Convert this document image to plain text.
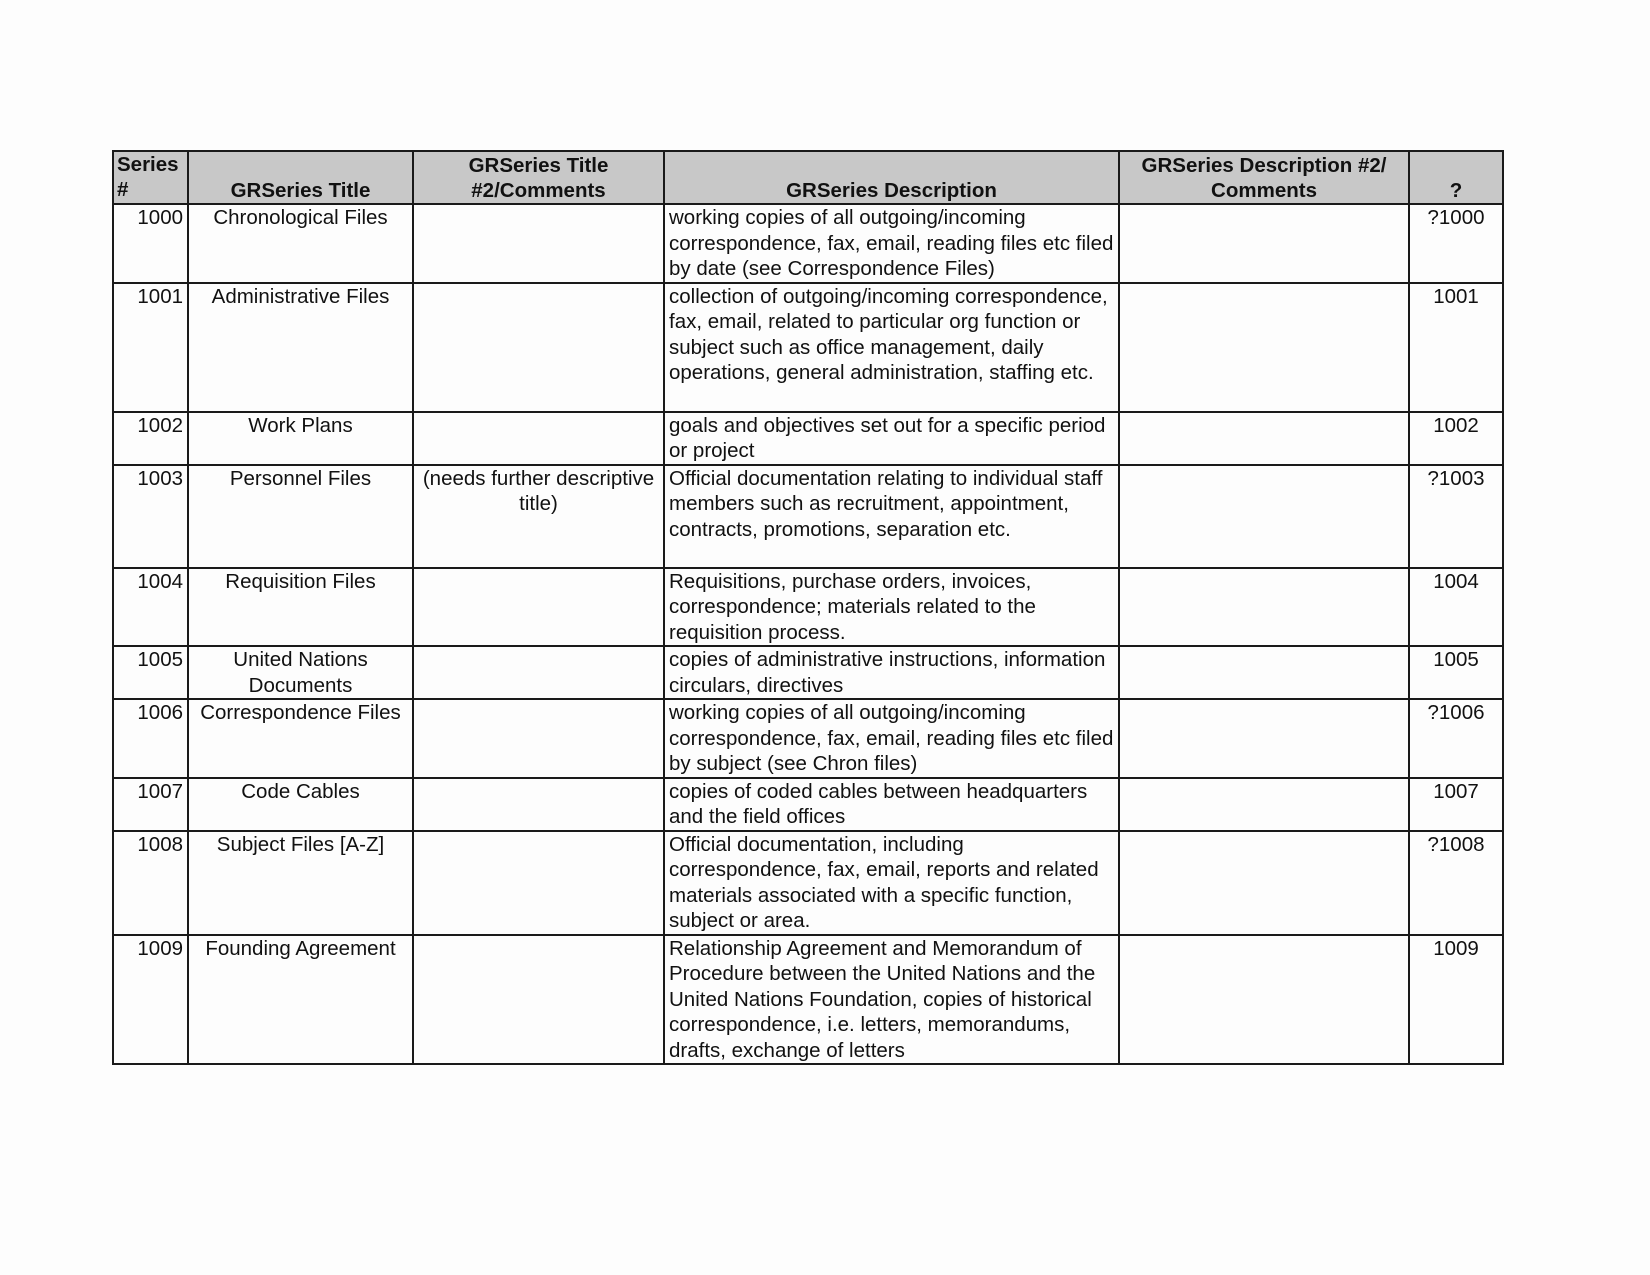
Series #	GRSeries Title	GRSeries Title #2/Comments	GRSeries Description	GRSeries Description #2/ Comments	?
1000	Chronological Files		working copies of all outgoing/incoming correspondence, fax, email, reading files etc filed by date (see Correspondence Files)		?1000
1001	Administrative Files		collection of outgoing/incoming correspondence, fax, email, related to particular org function or subject such as office management, daily operations, general administration, staffing etc.		1001
1002	Work Plans		goals and objectives set out for a specific period or project		1002
1003	Personnel Files	(needs further descriptive title)	Official documentation relating to individual staff members such as recruitment, appointment, contracts, promotions, separation etc.		?1003
1004	Requisition Files		Requisitions, purchase orders, invoices, correspondence; materials related to the requisition process.		1004
1005	United Nations Documents		copies of administrative instructions, information circulars, directives		1005
1006	Correspondence Files		working copies of all outgoing/incoming correspondence, fax, email, reading files etc filed by subject (see Chron files)		?1006
1007	Code Cables		copies of coded cables between headquarters and the field offices		1007
1008	Subject Files [A-Z]		Official documentation, including correspondence, fax, email, reports and related materials associated with a specific function, subject or area.		?1008
1009	Founding Agreement		Relationship Agreement and Memorandum of Procedure between the United Nations and the United Nations Foundation, copies of historical correspondence, i.e. letters, memorandums, drafts, exchange of letters		1009
